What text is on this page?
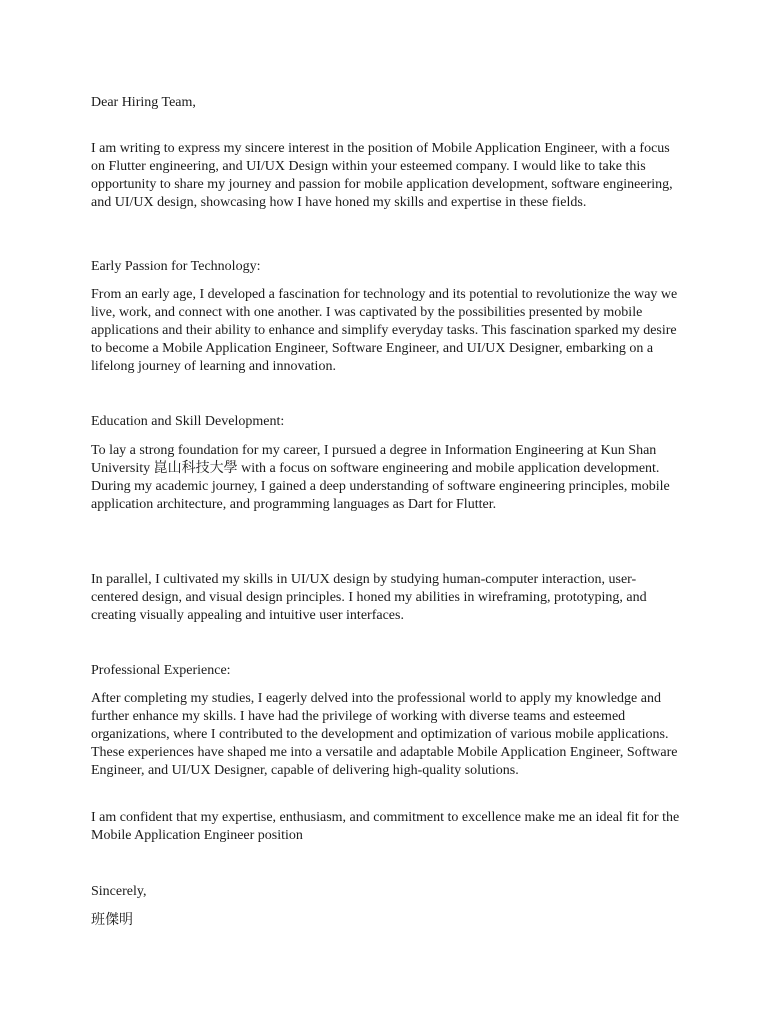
Dear Hiring Team,

I am writing to express my sincere interest in the position of Mobile Application Engineer, with a focus on Flutter engineering, and UI/UX Design within your esteemed company. I would like to take this opportunity to share my journey and passion for mobile application development, software engineering, and UI/UX design, showcasing how I have honed my skills and expertise in these fields.

Early Passion for Technology:

From an early age, I developed a fascination for technology and its potential to revolutionize the way we live, work, and connect with one another. I was captivated by the possibilities presented by mobile applications and their ability to enhance and simplify everyday tasks. This fascination sparked my desire to become a Mobile Application Engineer, Software Engineer, and UI/UX Designer, embarking on a lifelong journey of learning and innovation.

Education and Skill Development:

To lay a strong foundation for my career, I pursued a degree in Information Engineering at Kun Shan University 崑山科技大學 with a focus on software engineering and mobile application development. During my academic journey, I gained a deep understanding of software engineering principles, mobile application architecture, and programming languages as Dart for Flutter.

In parallel, I cultivated my skills in UI/UX design by studying human-computer interaction, user-centered design, and visual design principles. I honed my abilities in wireframing, prototyping, and creating visually appealing and intuitive user interfaces.

Professional Experience:

After completing my studies, I eagerly delved into the professional world to apply my knowledge and further enhance my skills. I have had the privilege of working with diverse teams and esteemed organizations, where I contributed to the development and optimization of various mobile applications. These experiences have shaped me into a versatile and adaptable Mobile Application Engineer, Software Engineer, and UI/UX Designer, capable of delivering high-quality solutions.

I am confident that my expertise, enthusiasm, and commitment to excellence make me an ideal fit for the Mobile Application Engineer position

Sincerely,

班傑明
